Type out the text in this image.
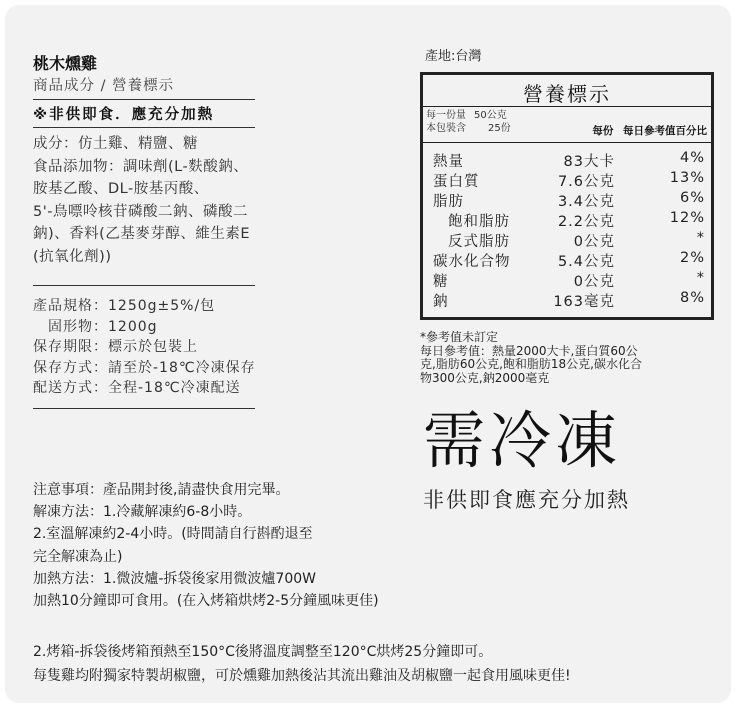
桃木燻雞
商品成分 / 營養標示
※非供即食．應充分加熱
成分：仿土雞、精鹽、糖
食品添加物：調味劑(L-麩酸鈉、
胺基乙酸、DL-胺基丙酸、
5'-鳥嘌呤核苷磷酸二鈉、磷酸二
鈉)、香料(乙基麥芽醇、維生素E
(抗氧化劑))
產品規格：1250g±5%/包
　固形物：1200g
保存期限：標示於包裝上
保存方式：請至於-18℃冷凍保存
配送方式：全程-18℃冷凍配送
注意事項：產品開封後,請盡快食用完畢。
解凍方法：1.冷藏解凍約6-8小時。
2.室溫解凍約2-4小時。(時間請自行斟酌退至
完全解凍為止)
加熱方法：1.微波爐-拆袋後家用微波爐700W
加熱10分鐘即可食用。(在入烤箱烘烤2-5分鐘風味更佳)
2.烤箱-拆袋後烤箱預熱至150°C後將溫度調整至120°C烘烤25分鐘即可。
每隻雞均附獨家特製胡椒鹽，可於燻雞加熱後沾其流出雞油及胡椒鹽一起食用風味更佳!
產地:台灣
營養標示
每一份量 50公克
本包裝含 25份	每份 每日參考值百分比
熱量	83大卡	4%
蛋白質	7.6公克	13%
脂肪	3.4公克	6%
飽和脂肪	2.2公克	12%
反式脂肪	0公克	*
碳水化合物	5.4公克	2%
糖	0公克	*
鈉	163毫克	8%
*參考值未訂定
每日參考值：熱量2000大卡,蛋白質60公
克,脂肪60公克,飽和脂肪18公克,碳水化合
物300公克,鈉2000毫克
需冷凍
非供即食應充分加熱
